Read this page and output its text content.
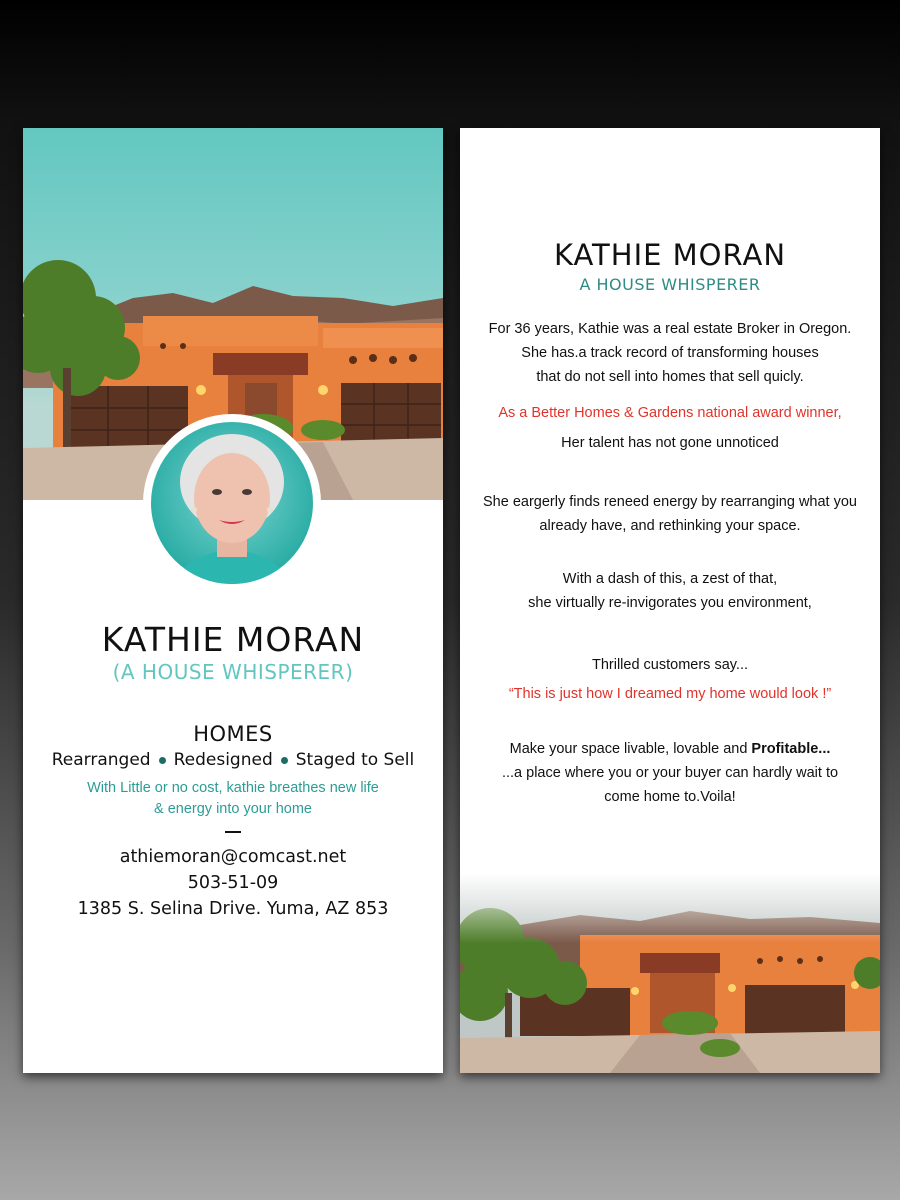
KATHIE MORAN
(A HOUSE WHISPERER)
HOMES
Rearranged Redesigned Staged to Sell
With Little or no cost, kathie breathes new life
& energy into your home
athiemoran@comcast.net
503-51-09
1385 S. Selina Drive. Yuma, AZ 853
KATHIE MORAN
A HOUSE WHISPERER
For 36 years, Kathie was a real estate Broker in Oregon.
She has.a track record of transforming houses
that do not sell into homes that sell quicly.
As a Better Homes & Gardens national award winner,
Her talent has not gone unnoticed
She eargerly finds reneed energy by rearranging what you
already have, and rethinking your space.
With a dash of this, a zest of that,
she virtually re-invigorates you environment,
Thrilled customers say...
“This is just how I dreamed my home would look !”
Make your space livable, lovable and Profitable...
...a place where you or your buyer can hardly wait to
come home to.Voila!
